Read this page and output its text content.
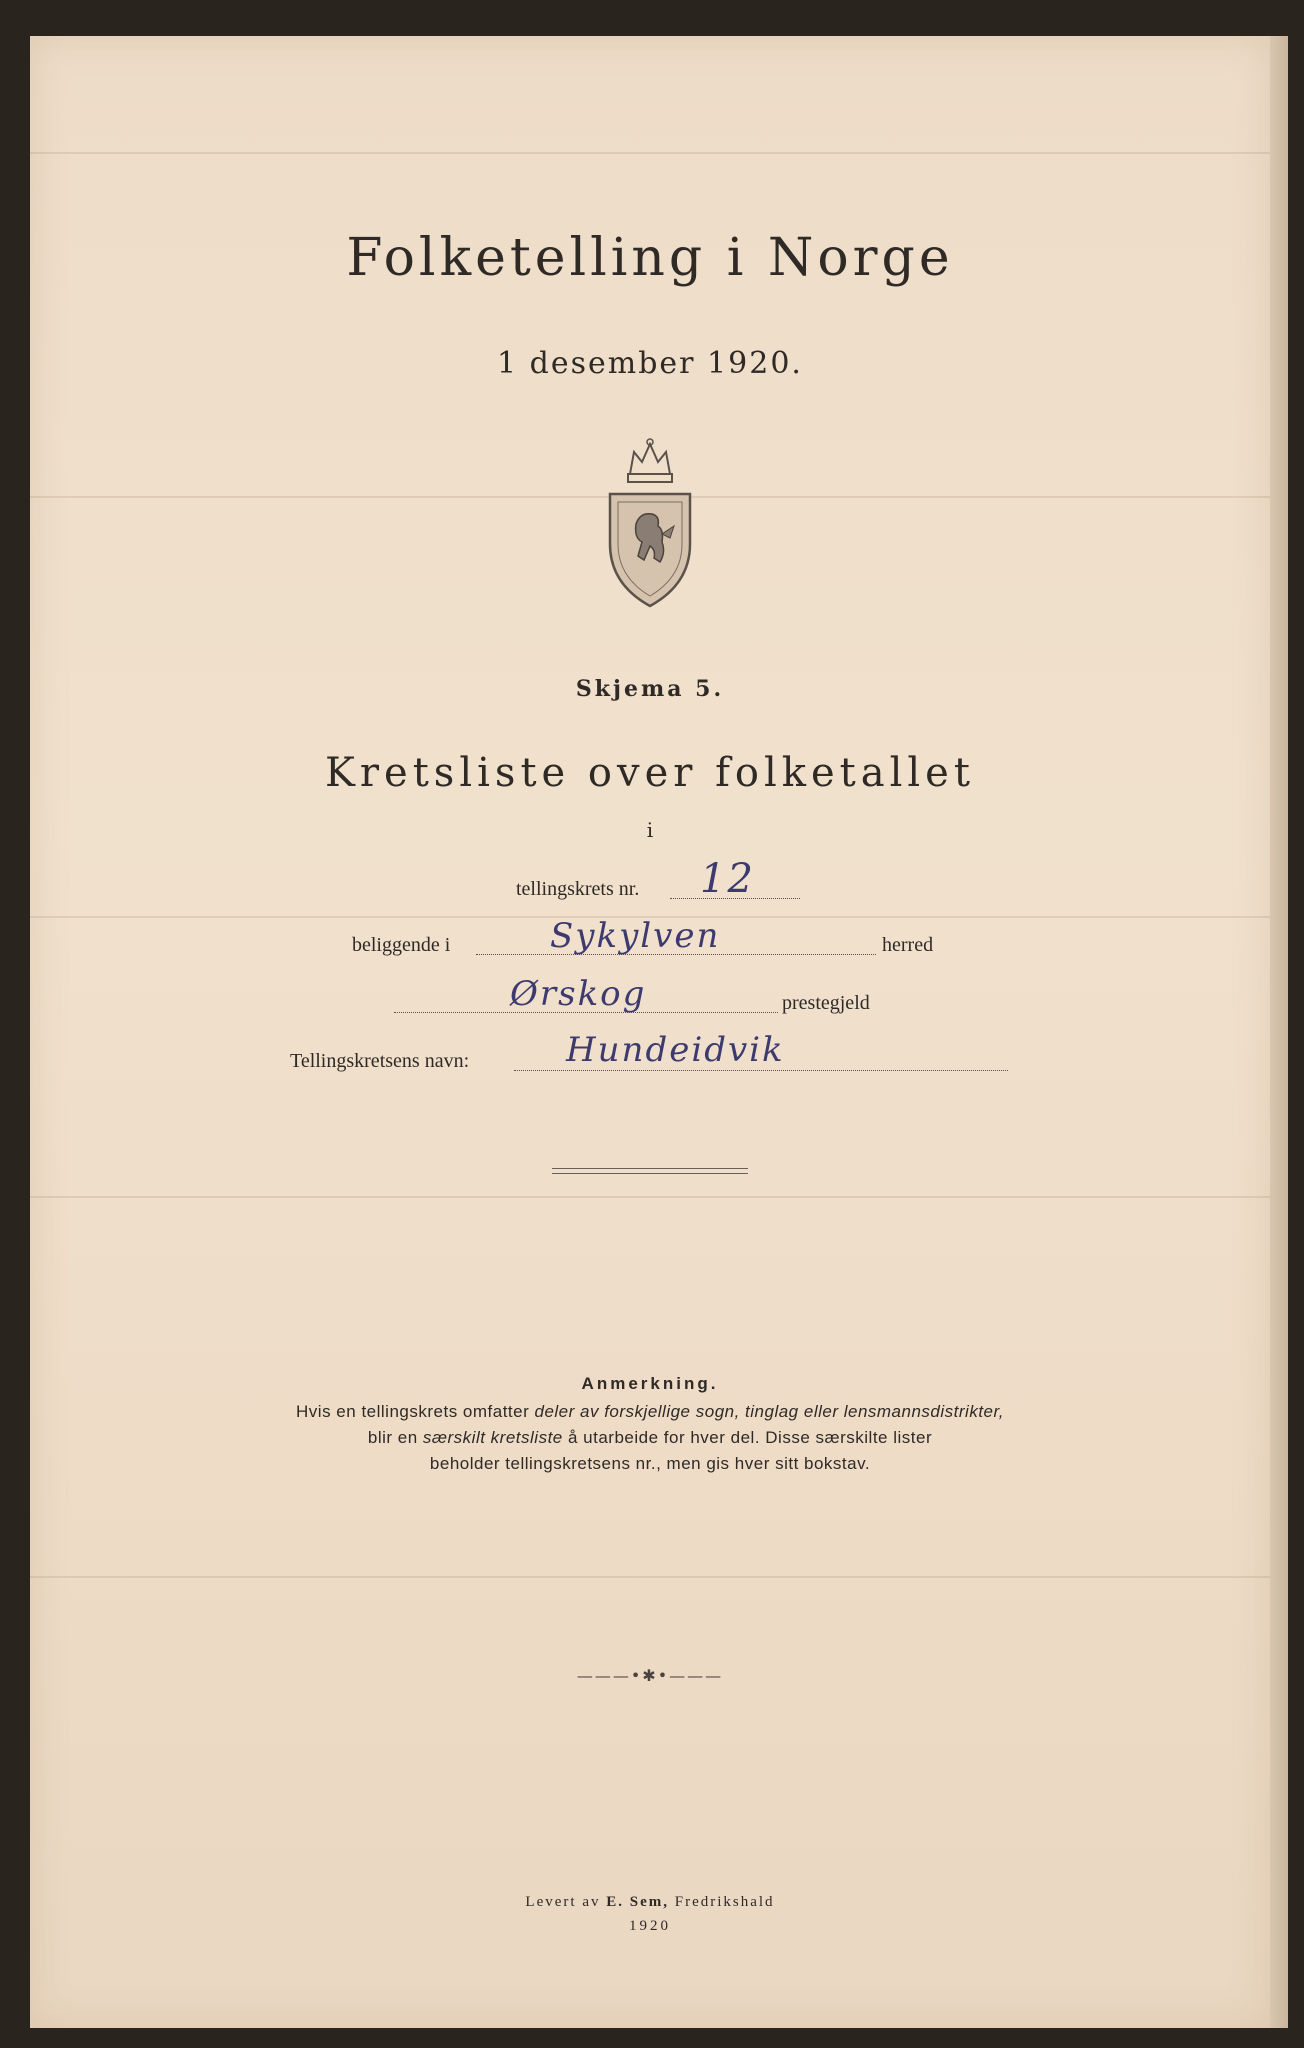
Folketelling i Norge
1 desember 1920.
Skjema 5.
Kretsliste over folketallet
i
tellingskrets nr. 12
beliggende i	Sykylven	herred
Ørskog	prestegjeld
Tellingskretsens navn:	Hundeidvik
Anmerkning.
Hvis en tellingskrets omfatter deler av forskjellige sogn, tinglag eller lensmannsdistrikter,
blir en særskilt kretsliste å utarbeide for hver del. Disse særskilte lister
beholder tellingskretsens nr., men gis hver sitt bokstav.
———•✱•———
Levert av E. Sem, Fredrikshald
1920
